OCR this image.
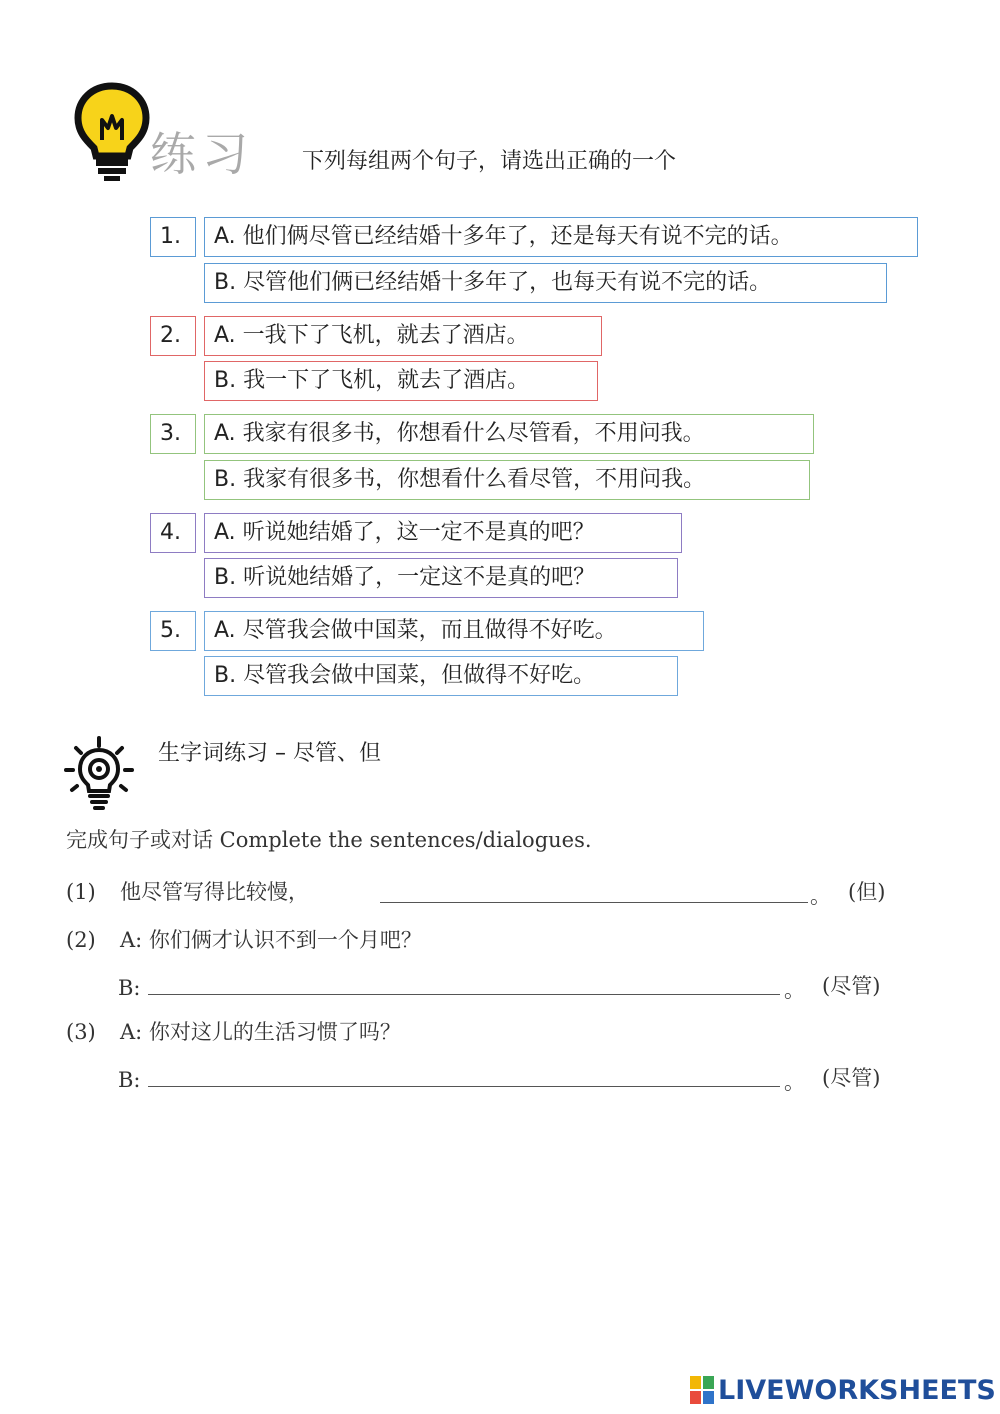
练习 下列每组两个句子，请选出正确的一个
1.	A. 他们俩尽管已经结婚十多年了，还是每天有说不完的话。
B. 尽管他们俩已经结婚十多年了，也每天有说不完的话。
2.	A. 一我下了飞机，就去了酒店。
B. 我一下了飞机，就去了酒店。
3.	A. 我家有很多书，你想看什么尽管看，不用问我。
B. 我家有很多书，你想看什么看尽管，不用问我。
4.	A. 听说她结婚了，这一定不是真的吧？
B. 听说她结婚了，一定这不是真的吧？
5.	A. 尽管我会做中国菜，而且做得不好吃。
B. 尽管我会做中国菜，但做得不好吃。
生字词练习 – 尽管、但
完成句子或对话 Complete the sentences/dialogues.
(1) 他尽管写得比较慢，	。 (但)
(2) A: 你们俩才认识不到一个月吧？
B:	。 (尽管)
(3) A: 你对这儿的生活习惯了吗？
B:	。 (尽管)
LIVEWORKSHEETS
